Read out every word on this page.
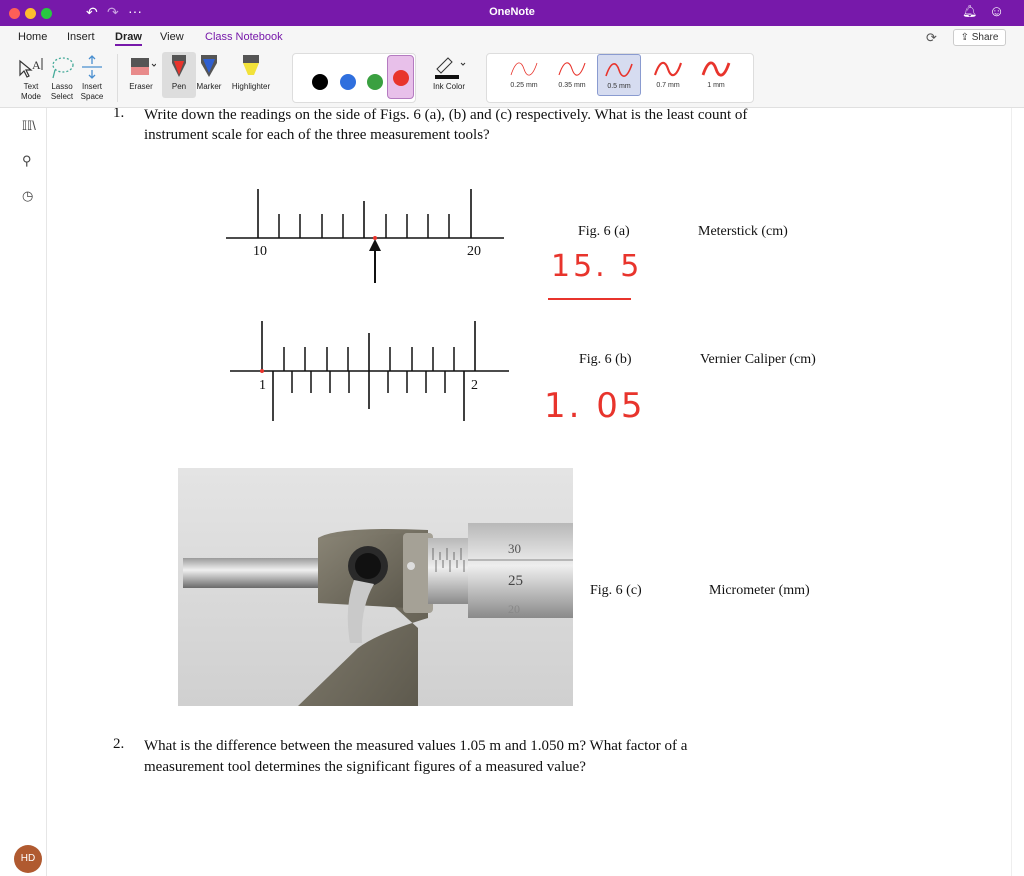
↶ ↷ ···	OneNote	🔔︎ ☺
Home Insert Draw View Class Notebook	⟳	⇪ Share
A
Text Mode
Lasso Select
Insert Space
Eraser	Pen	Marker	Highlighter	Ink Color	0.25 mm	0.35 mm	0.5 mm	0.7 mm	1 mm
𝕀𝕀\
⚲
◷
HD
1. Write down the readings on the side of Figs. 6 (a), (b) and (c) respectively. What is the least count of
instrument scale for each of the three measurement tools?
10	20
Fig. 6 (a)	Meterstick (cm)
15. 5
1	2
Fig. 6 (b)	Vernier Caliper (cm)
1. 05
30
25
20
Fig. 6 (c)	Micrometer (mm)
2. What is the difference between the measured values 1.05 m and 1.050 m? What factor of a
measurement tool determines the significant figures of a measured value?
